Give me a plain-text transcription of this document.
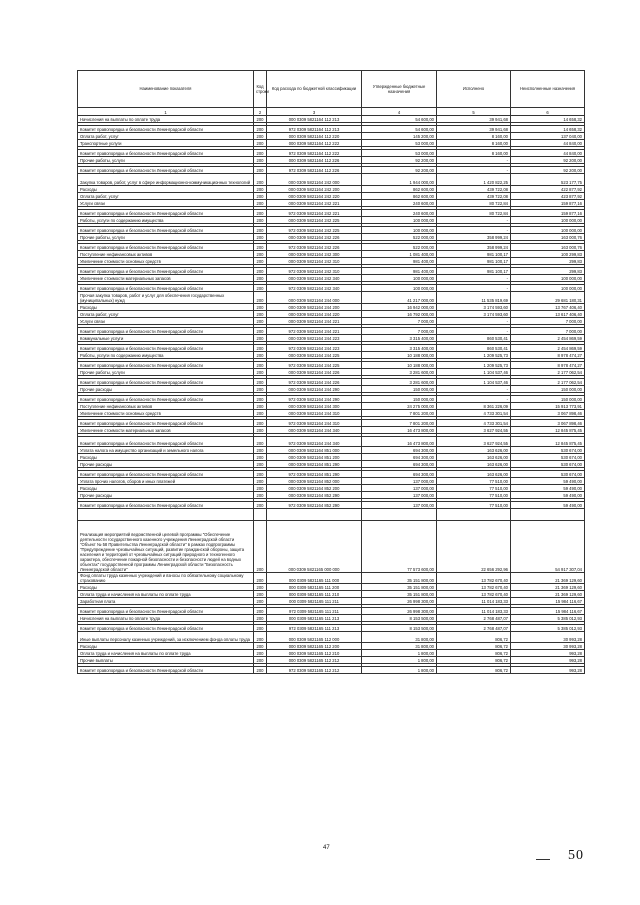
Наименование показателя	Код строки	Код расхода по бюджетной классификации	Утвержденные бюджетные назначения	Исполнено	Неисполненные назначения
1	2	3	4	5	6
Начисления на выплаты по оплате труда	200	000 0309 5821164 112 213	54 600,00	39 941,68	14 658,32

Комитет правопорядка и безопасности Ленинградской области	200	972 0309 5821164 112 213	54 600,00	39 941,68	14 658,32
Оплата работ, услуг	200	000 0309 5821164 112 220	145 200,00	8 160,00	137 040,00
Транспортные услуги	200	000 0309 5821164 112 222	53 000,00	8 160,00	44 840,00

Комитет правопорядка и безопасности Ленинградской области	200	972 0309 5821164 112 222	53 000,00	8 160,00	44 840,00
Прочие работы, услуги	200	000 0309 5821164 112 226	92 200,00	-	92 200,00

Комитет правопорядка и безопасности Ленинградской области	200	972 0309 5821164 112 226	92 200,00	-	92 200,00
Закупка товаров, работ, услуг в сфере информационно-коммуникационных технологий	200	000 0309 5821164 242 000	1 944 000,00	1 420 822,25	523 177,75
Расходы	200	000 0309 5821164 242 200	862 600,00	439 722,08	422 877,92
Оплата работ, услуг	200	000 0309 5821164 242 220	862 600,00	439 722,08	423 877,92
Услуги связи	200	000 0309 5821164 242 221	240 600,00	80 722,84	159 877,16

Комитет правопорядка и безопасности Ленинградской области	200	972 0309 5821164 242 221	240 600,00	80 722,84	159 877,16
Работы, услуги по содержанию имущества	200	000 0309 5821164 242 225	100 000,00	-	100 000,00

Комитет правопорядка и безопасности Ленинградской области	200	972 0309 5821164 242 225	100 000,00	-	100 000,00
Прочие работы, услуги	200	000 0309 5821164 242 226	522 000,00	358 999,24	163 000,76

Комитет правопорядка и безопасности Ленинградской области	200	972 0309 5821164 242 226	522 000,00	358 999,24	163 000,76
Поступление нефинансовых активов	200	000 0309 5821164 242 300	1 081 400,00	981 100,17	100 299,83
Увеличение стоимости основных средств	200	000 0309 5821164 242 310	981 400,00	981 100,17	299,83

Комитет правопорядка и безопасности Ленинградской области	200	972 0309 5821164 242 310	981 400,00	981 100,17	299,83
Увеличение стоимости материальных запасов	200	000 0309 5821164 242 340	100 000,00	-	100 000,00

Комитет правопорядка и безопасности Ленинградской области	200	972 0309 5821164 242 340	100 000,00	-	100 000,00
Прочая закупка товаров, работ и услуг для обеспечения государственных (муниципальных) нужд	200	000 0309 5821164 244 000	41 217 000,00	11 535 819,69	29 681 180,31
Расходы	200	000 0309 5821164 244 200	16 942 000,00	3 174 593,60	13 767 406,40
Оплата работ, услуг	200	000 0309 5821164 244 220	16 792 000,00	3 174 593,60	13 617 406,40
Услуги связи	200	000 0309 5821164 244 221	7 000,00	-	7 000,00

Комитет правопорядка и безопасности Ленинградской области	200	972 0309 5821164 244 221	7 000,00	-	7 000,00
Коммунальные услуги	200	000 0309 5821164 244 223	3 315 400,00	860 530,41	2 454 869,59

Комитет правопорядка и безопасности Ленинградской области	200	972 0309 5821164 244 223	3 315 400,00	860 530,41	2 454 869,59
Работы, услуги по содержанию имущества	200	000 0309 5821164 244 225	10 188 000,00	1 209 525,73	8 978 474,27

Комитет правопорядка и безопасности Ленинградской области	200	972 0309 5821164 244 225	10 188 000,00	1 209 525,73	8 978 474,27
Прочие работы, услуги	200	000 0309 5821164 244 226	3 281 600,00	1 104 537,46	2 177 062,54

Комитет правопорядка и безопасности Ленинградской области	200	972 0309 5821164 244 226	3 281 600,00	1 104 537,46	2 177 062,54
Прочие расходы	200	000 0309 5821164 244 290	150 000,00	-	150 000,00

Комитет правопорядка и безопасности Ленинградской области	200	972 0309 5821164 244 290	150 000,00	-	150 000,00
Поступление нефинансовых активов	200	000 0309 5821164 244 300	24 275 000,00	8 361 226,09	15 913 773,91
Увеличение стоимости основных средств	200	000 0309 5821164 244 310	7 801 200,00	4 733 301,54	3 067 898,46

Комитет правопорядка и безопасности Ленинградской области	200	972 0309 5821164 244 310	7 801 200,00	4 733 301,54	3 067 898,46
Увеличение стоимости материальных запасов	200	000 0309 5821164 244 340	16 473 800,00	3 627 924,55	12 845 875,45

Комитет правопорядка и безопасности Ленинградской области	200	972 0309 5821164 244 340	16 473 800,00	3 627 924,55	12 845 875,45
Уплата налога на имущество организаций и земельного налога	200	000 0309 5821164 851 000	694 300,00	163 626,00	530 674,00
Расходы	200	000 0309 5821164 851 200	694 300,00	163 626,00	530 674,00
Прочие расходы	200	000 0309 5821164 851 290	694 300,00	163 626,00	530 674,00

Комитет правопорядка и безопасности Ленинградской области	200	972 0309 5821164 851 290	694 300,00	163 626,00	530 674,00
Уплата прочих налогов, сборов и иных платежей	200	000 0309 5821164 852 000	137 000,00	77 510,00	59 490,00
Расходы	200	000 0309 5821164 852 200	137 000,00	77 510,00	59 490,00
Прочие расходы	200	000 0309 5821164 852 290	137 000,00	77 510,00	59 490,00

Комитет правопорядка и безопасности Ленинградской области	200	972 0309 5821164 852 290	137 000,00	77 510,00	59 490,00

Реализация мероприятий ведомственной целевой программы "Обеспечение деятельности государственного казенного учреждения Ленинградской области "Объект № 58 Правительства Ленинградской области" в рамках подпрограммы "Предупреждение чрезвычайных ситуаций, развитие гражданской обороны, защита населения и территорий от чрезвычайных ситуаций природного и техногенного характера, обеспечение пожарной безопасности и безопасности людей на водных объектах" государственной программы Ленинградской области "Безопасность Ленинградской области"	200	000 0309 5821165 000 000	77 573 600,00	22 656 292,96	54 917 307,04
Фонд оплаты труда казенных учреждений и взносы по обязательному социальному страхованию	200	000 0309 5821165 111 000	35 151 800,00	13 782 670,40	21 369 129,60
Расходы	200	000 0309 5821165 111 200	35 151 800,00	13 782 670,40	21 369 129,60
Оплата труда и начисления на выплаты по оплате труда	200	000 0309 5821165 111 210	35 151 800,00	13 782 670,40	21 369 129,60
Заработная плата	200	000 0309 5821165 111 211	26 998 300,00	11 014 183,33	15 984 116,67

Комитет правопорядка и безопасности Ленинградской области	200	972 0309 5821165 111 211	26 998 300,00	11 014 183,33	15 984 116,67
Начисления на выплаты по оплате труда	200	000 0309 5821165 111 213	8 153 500,00	2 768 487,07	5 385 012,93

Комитет правопорядка и безопасности Ленинградской области	200	972 0309 5821165 111 213	8 153 500,00	2 768 487,07	5 385 012,93
Иные выплаты персоналу казенных учреждений, за исключением фонда оплаты труда	200	000 0309 5821165 112 000	31 800,00	806,72	30 993,28
Расходы	200	000 0309 5821165 112 200	31 800,00	806,72	30 993,28
Оплата труда и начисления на выплаты по оплате труда	200	000 0309 5821165 112 210	1 800,00	806,72	993,28
Прочие выплаты	200	000 0309 5821165 112 212	1 800,00	806,72	993,28

Комитет правопорядка и безопасности Ленинградской области	200	972 0309 5821165 112 212	1 800,00	806,72	993,28
47	50
